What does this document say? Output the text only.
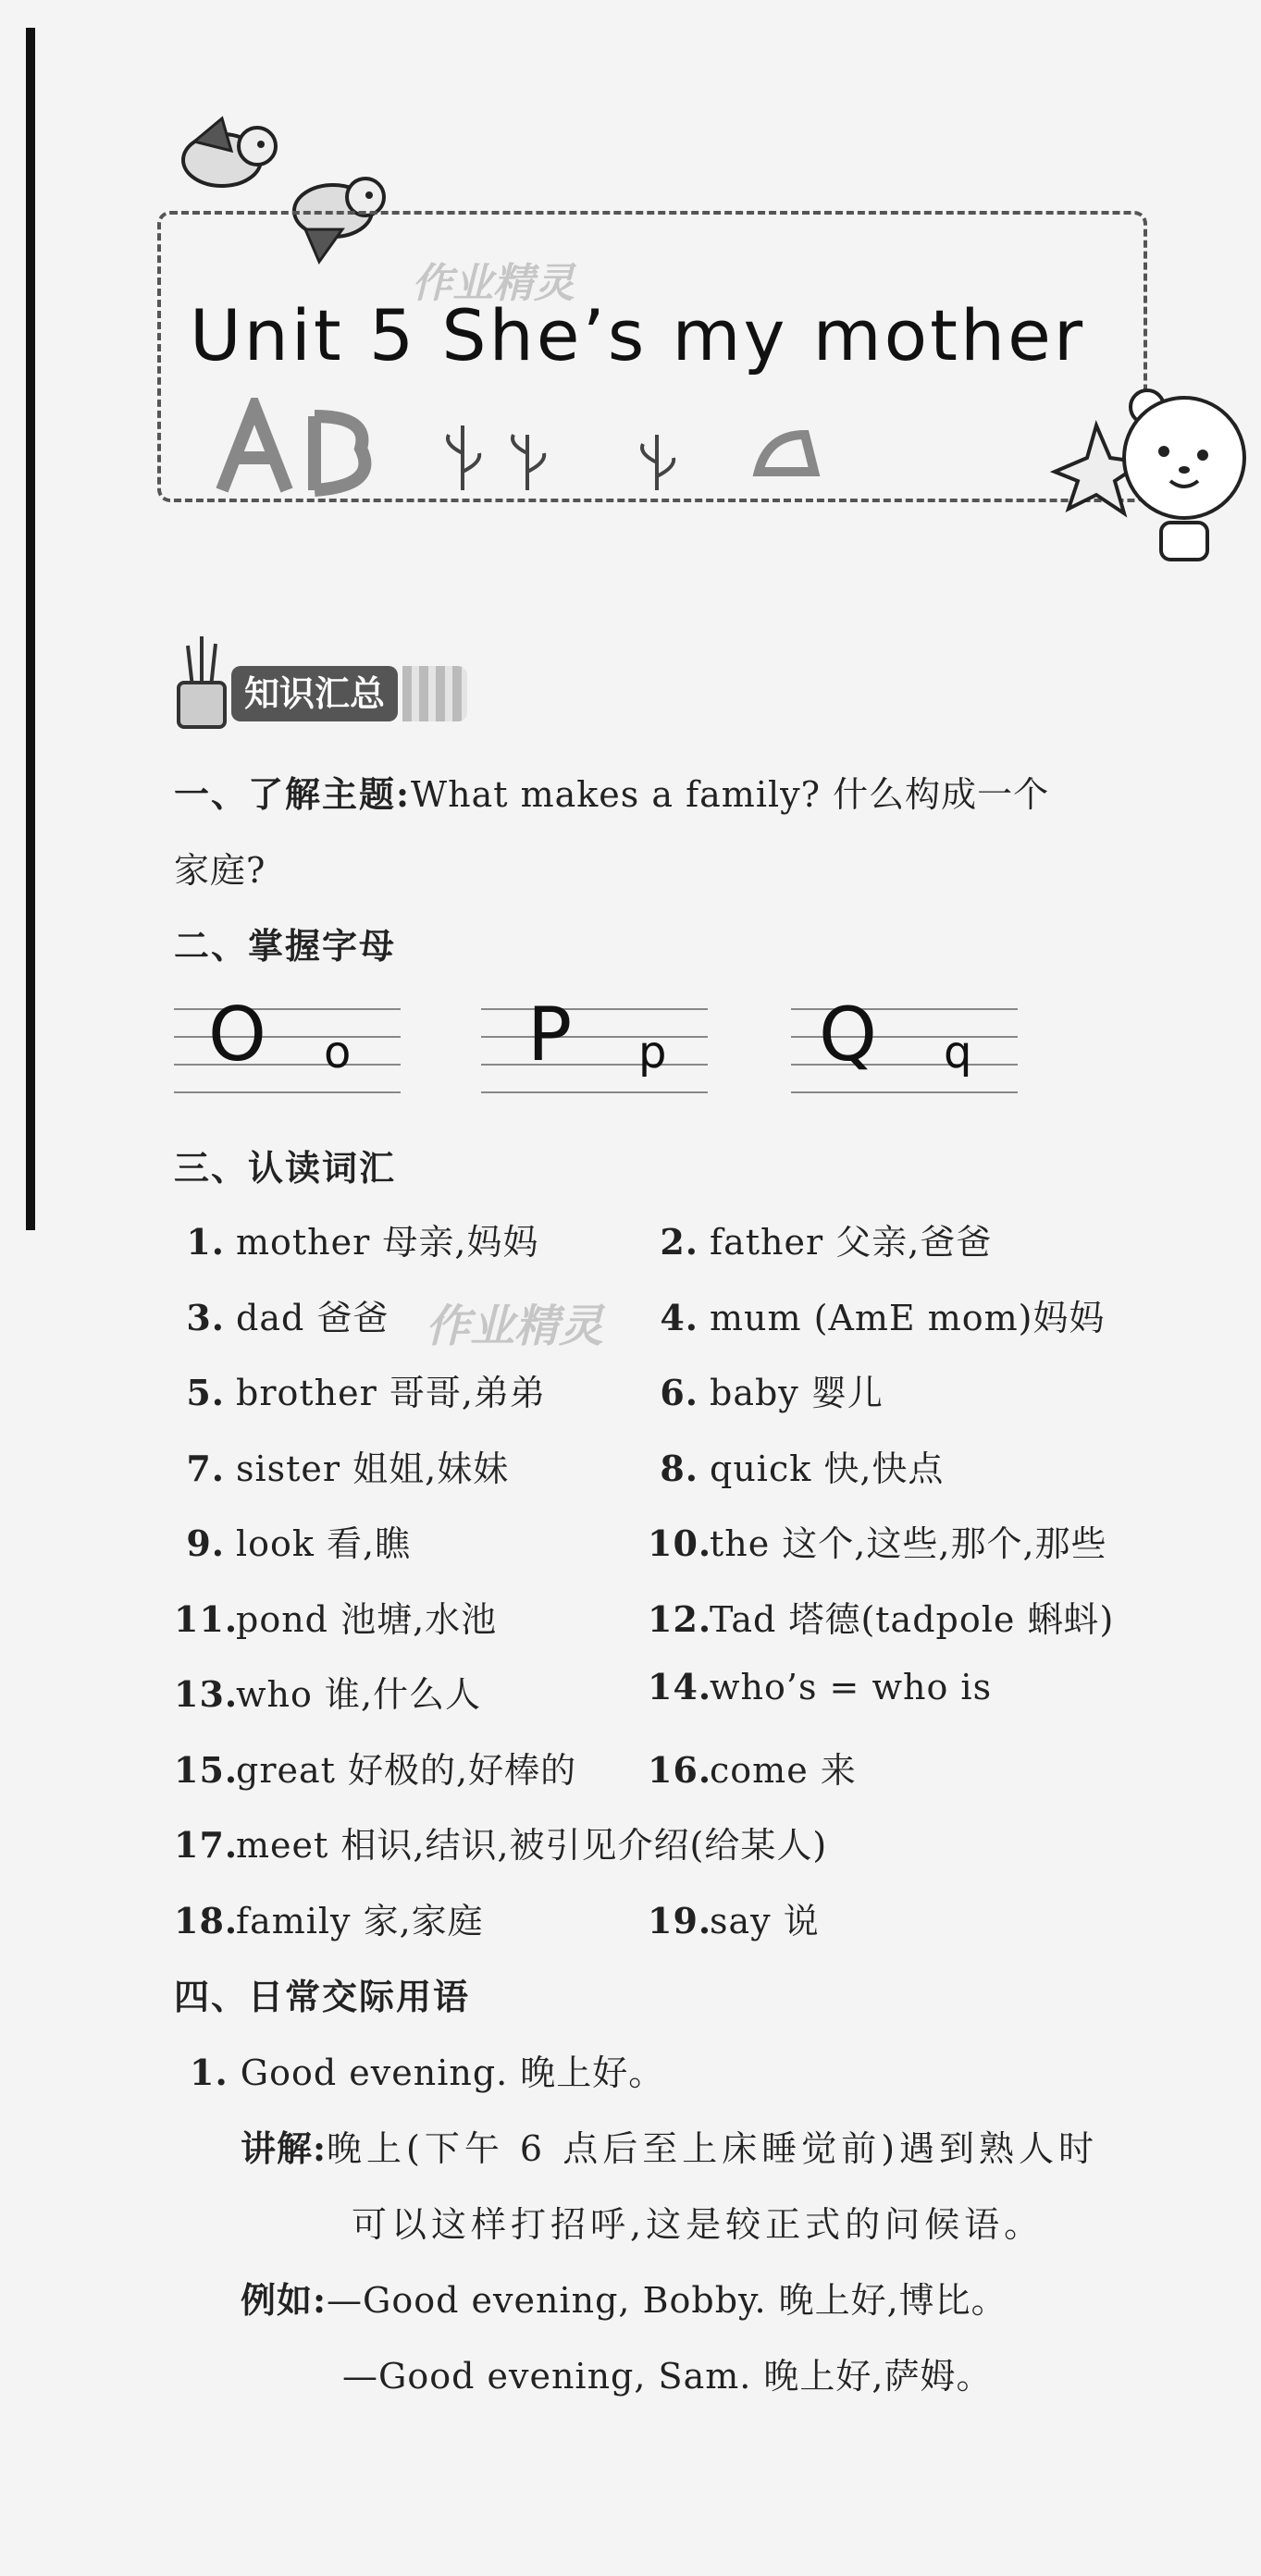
作业精灵
Unit 5 She’s my mother
知识汇总
一、了解主题:What makes a family? 什么构成一个
家庭?
二、掌握字母
O o P p Q q
三、认读词汇
作业精灵
1. mother 母亲,妈妈	2. father 父亲,爸爸
3. dad 爸爸	4. mum (AmE mom)妈妈
5. brother 哥哥,弟弟	6. baby 婴儿
7. sister 姐姐,妹妹	8. quick 快,快点
9. look 看,瞧	10.the 这个,这些,那个,那些
11.pond 池塘,水池	12.Tad 塔德(tadpole 蝌蚪)
13.who 谁,什么人	14.who’s = who is
15.great 好极的,好棒的 16.come 来
17.meet 相识,结识,被引见介绍(给某人)
18.family 家,家庭	19.say 说
四、日常交际用语
1. Good evening. 晚上好。
讲解:晚上(下午 6 点后至上床睡觉前)遇到熟人时
可以这样打招呼,这是较正式的问候语。
例如:—Good evening, Bobby. 晚上好,博比。
—Good evening, Sam. 晚上好,萨姆。
